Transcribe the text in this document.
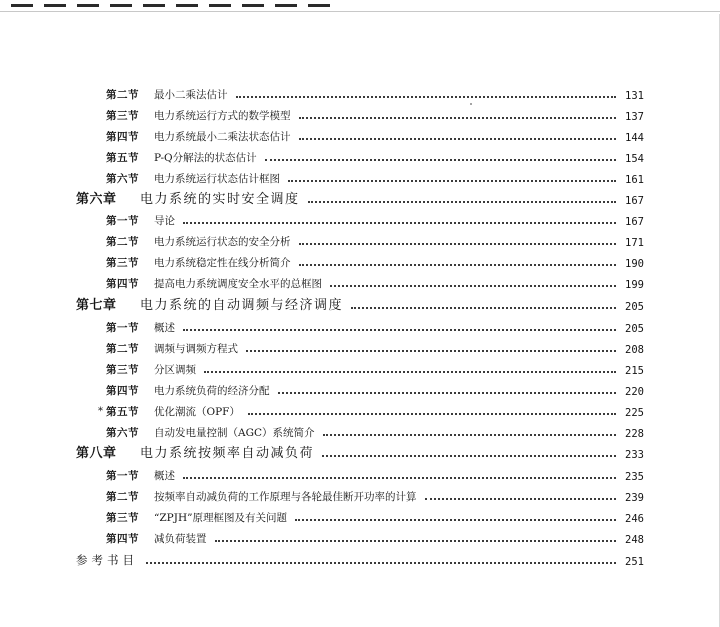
第二节	最小二乘法估计	131
第三节	电力系统运行方式的数学模型	137
第四节	电力系统最小二乘法状态估计	144
第五节	P-Q分解法的状态估计	154
第六节	电力系统运行状态估计框图	161
第六章	电力系统的实时安全调度	167
第一节	导论	167
第二节	电力系统运行状态的安全分析	171
第三节	电力系统稳定性在线分析简介	190
第四节	提高电力系统调度安全水平的总框图	199
第七章	电力系统的自动调频与经济调度	205
第一节	概述	205
第二节	调频与调频方程式	208
第三节	分区调频	215
第四节	电力系统负荷的经济分配	220
* 第五节	优化潮流（OPF）	225
第六节	自动发电量控制（AGC）系统简介	228
第八章	电力系统按频率自动减负荷	233
第一节	概述	235
第二节	按频率自动减负荷的工作原理与各轮最佳断开功率的计算	239
第三节	“ZPJH”原理框图及有关问题	246
第四节	减负荷装置	248
参考书目	251
